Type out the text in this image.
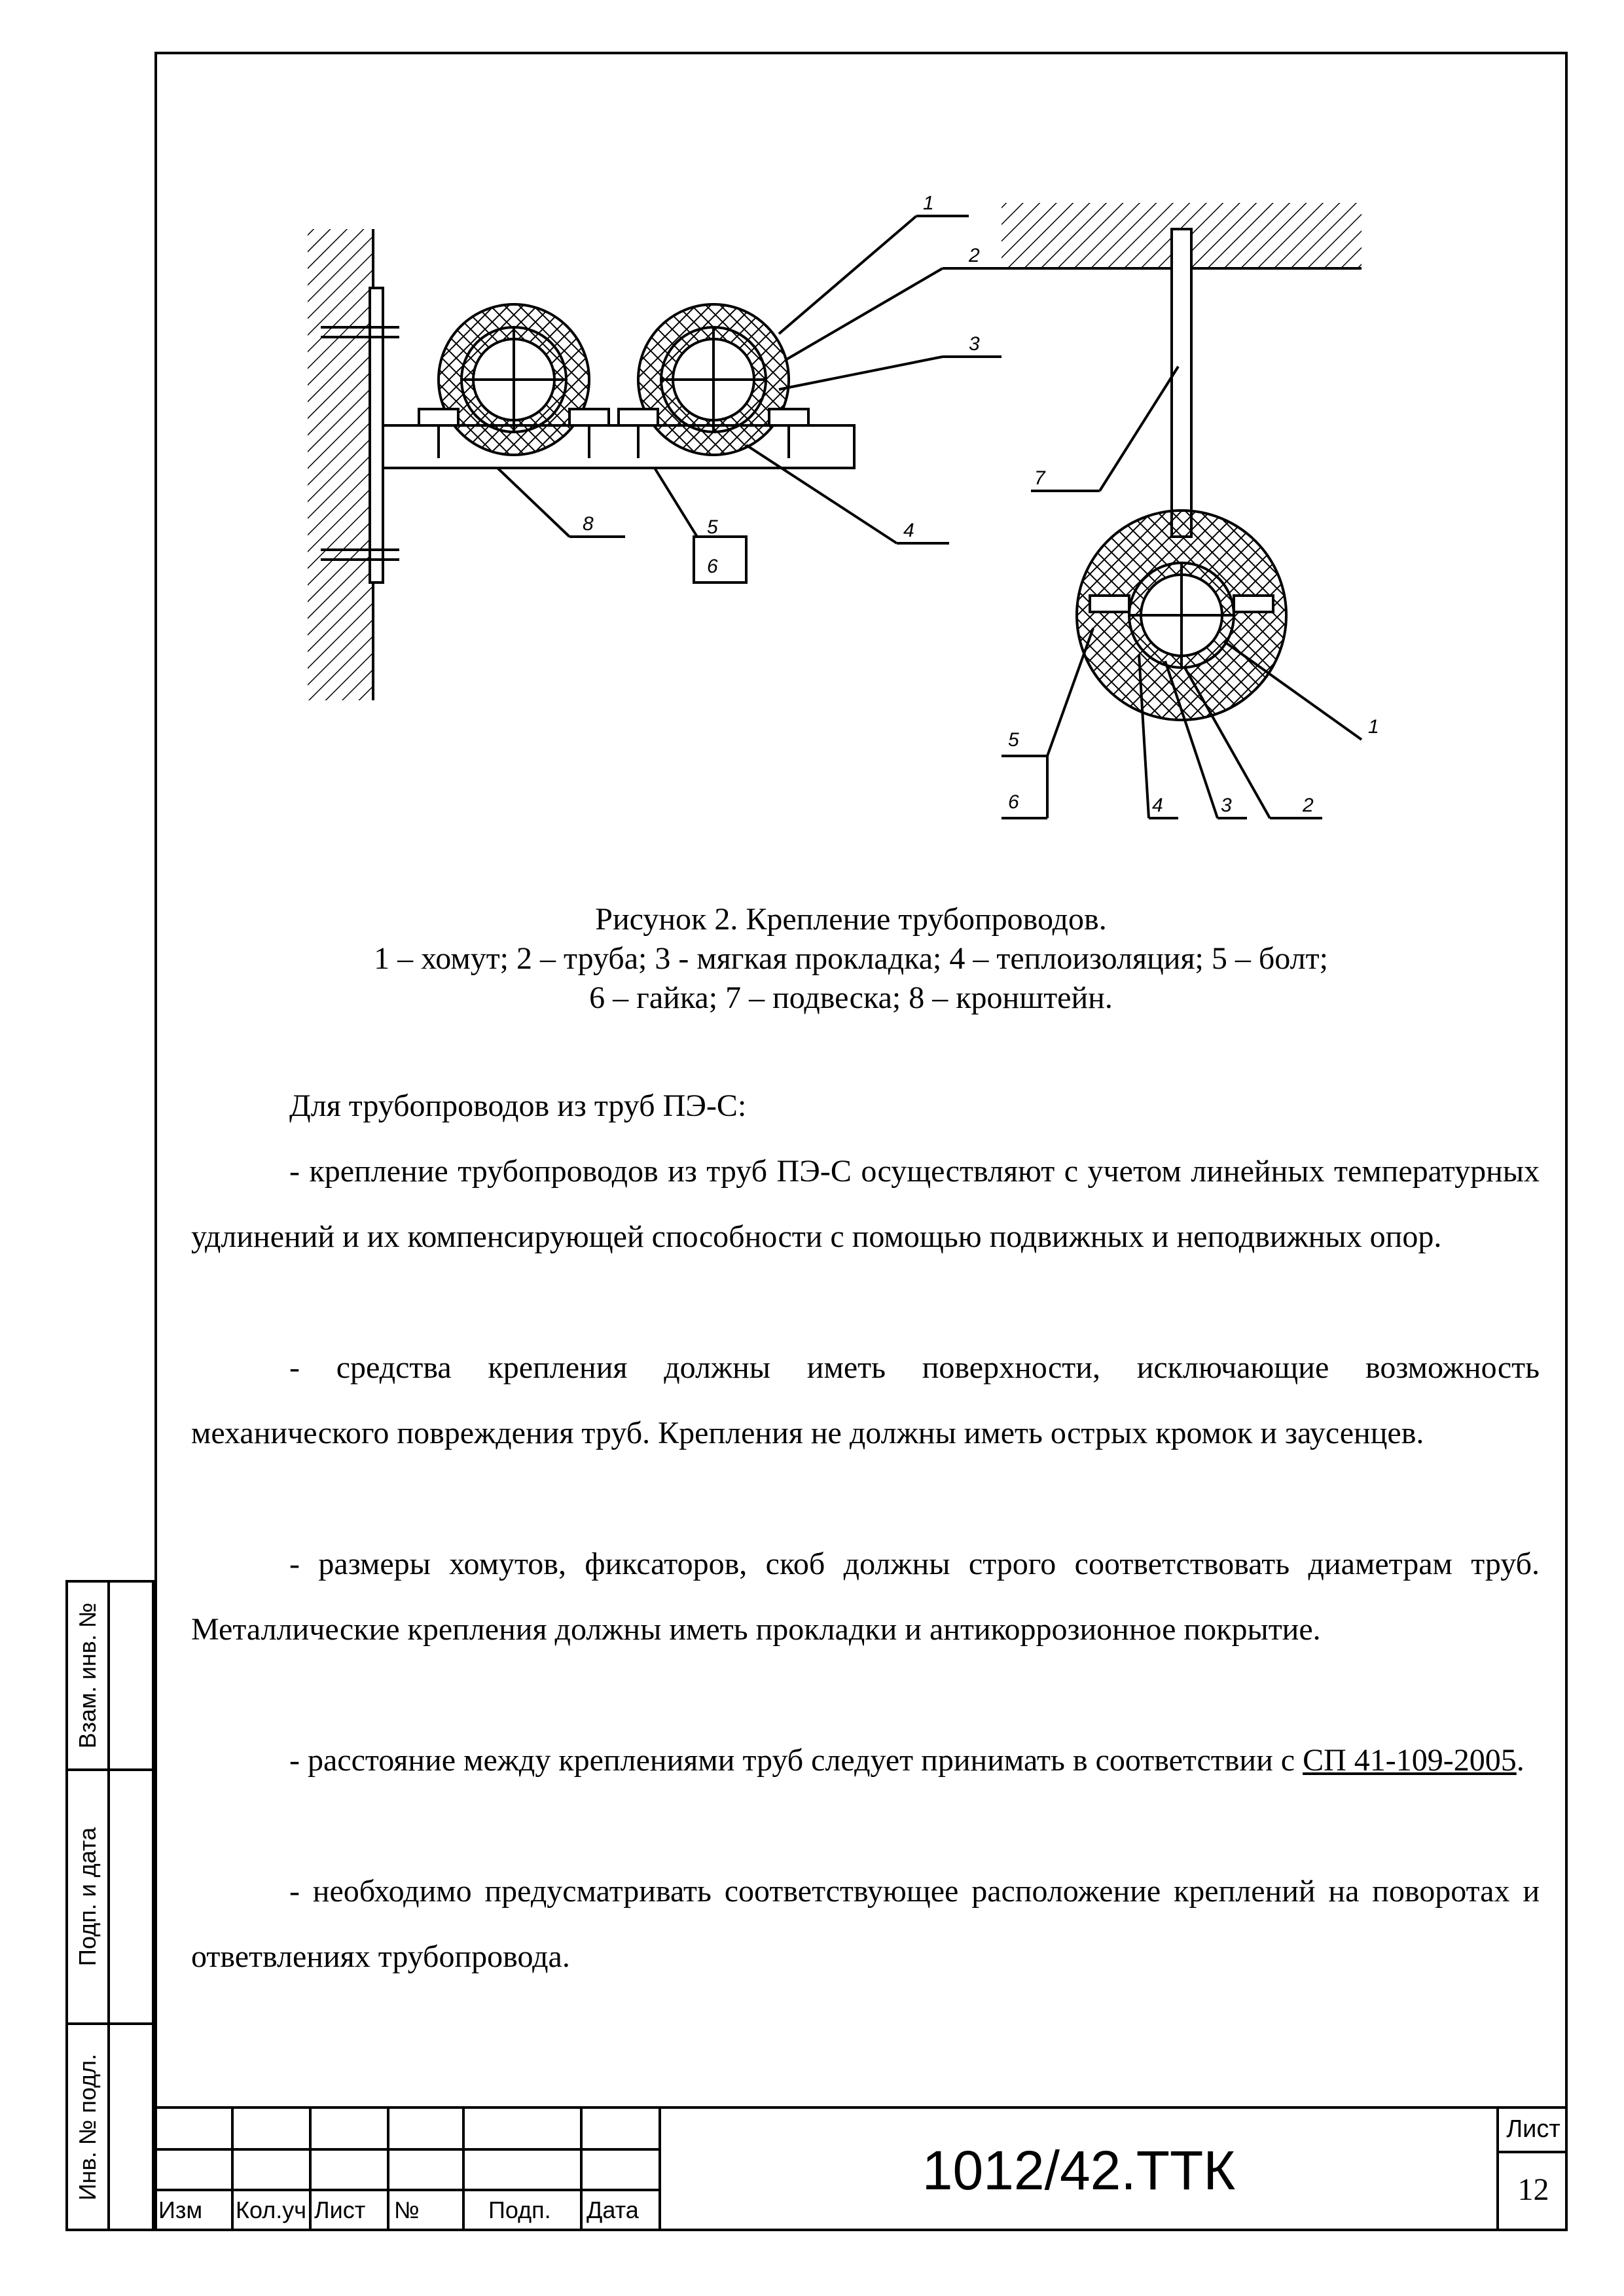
Взам. инв. №
Подп. и дата
Инв. № подл.
1
2
3
4
5
6
8
7
1
5
6	4	3	2
Рисунок 2. Крепление трубопроводов.
1 – хомут; 2 – труба; 3 - мягкая прокладка; 4 – теплоизоляция; 5 – болт;
6 – гайка; 7 – подвеска; 8 – кронштейн.
Для трубопроводов из труб ПЭ-С:
- крепление трубопроводов из труб ПЭ-С осуществляют с учетом линейных температурных удлинений и их компенсирующей способности с помощью подвижных и неподвижных опор.
- средства крепления должны иметь поверхности, исключающие возможность механического повреждения труб. Крепления не должны иметь острых кромок и заусенцев.
- размеры хомутов, фиксаторов, скоб должны строго соответствовать диаметрам труб. Металлические крепления должны иметь прокладки и антикоррозионное покрытие.
- расстояние между креплениями труб следует принимать в соответствии с СП 41-109-2005.
- необходимо предусматривать соответствующее расположение креплений на поворотах и ответвлениях трубопровода.
Изм Кол.уч Лист №	Подп. Дата
1012/42.ТТК
Лист
12
